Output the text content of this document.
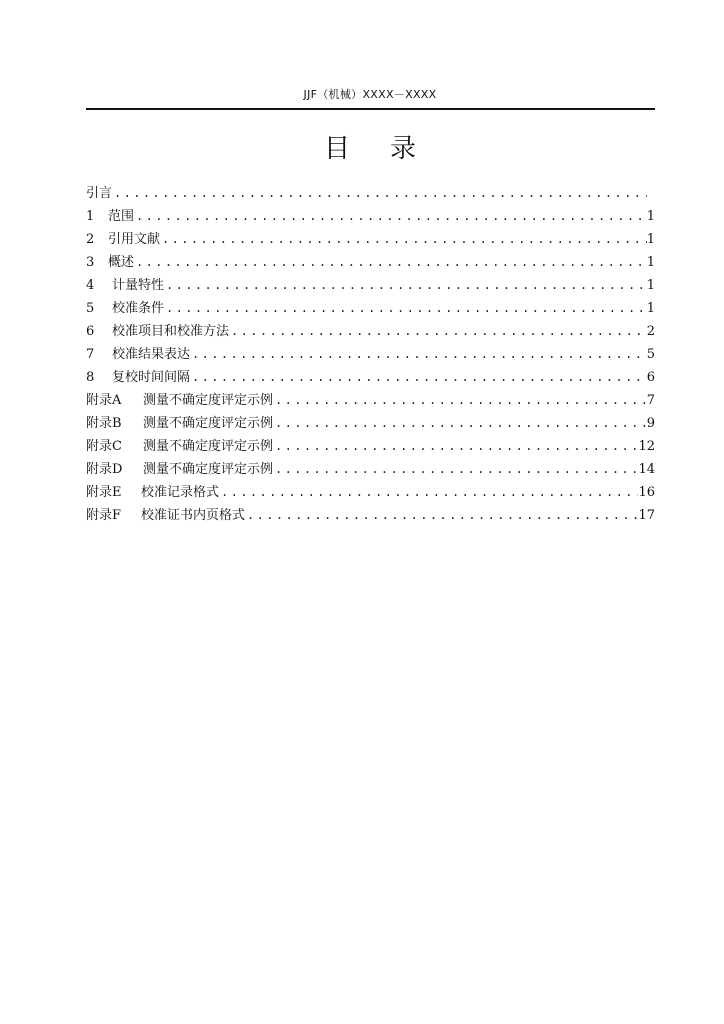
JJF（机械）XXXX－XXXX
目录
引言
.....
1 范围 .....	1
2 引用文献 .....	1
3 概述 .....	1
4 计量特性 .....	1
5 校准条件 .....	1
6 校准项目和校准方法 .....	2
7 校准结果表达 .....	5
8 复校时间间隔 .....	6
附录A 测量不确定度评定示例 .....	7
附录B 测量不确定度评定示例 .....	9
附录C 测量不确定度评定示例 .....	12
附录D 测量不确定度评定示例 .....	14
附录E 校准记录格式 .....	16
附录F 校准证书内页格式 .....	17
